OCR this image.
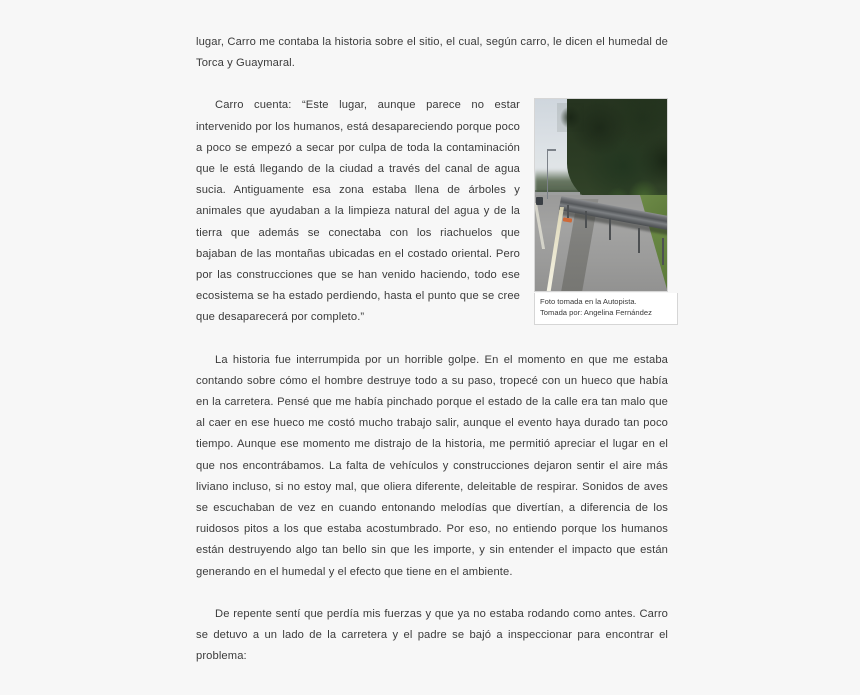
lugar, Carro me contaba la historia sobre el sitio, el cual, según carro, le dicen el humedal de Torca y Guaymaral.

Foto tomada en la Autopista.
Tomada por: Angelina Fernández

Carro cuenta: “Este lugar, aunque parece no estar intervenido por los humanos, está desapareciendo porque poco a poco se empezó a secar por culpa de toda la contaminación que le está llegando de la ciudad a través del canal de agua sucia. Antiguamente esa zona estaba llena de árboles y animales que ayudaban a la limpieza natural del agua y de la tierra que además se conectaba con los riachuelos que bajaban de las montañas ubicadas en el costado oriental. Pero por las construcciones que se han venido haciendo, todo ese ecosistema se ha estado perdiendo, hasta el punto que se cree que desaparecerá por completo.”

La historia fue interrumpida por un horrible golpe. En el momento en que me estaba contando sobre cómo el hombre destruye todo a su paso, tropecé con un hueco que había en la carretera. Pensé que me había pinchado porque el estado de la calle era tan malo que al caer en ese hueco me costó mucho trabajo salir, aunque el evento haya durado tan poco tiempo. Aunque ese momento me distrajo de la historia, me permitió apreciar el lugar en el que nos encontrábamos. La falta de vehículos y construcciones dejaron sentir el aire más liviano incluso, si no estoy mal, que oliera diferente, deleitable de respirar. Sonidos de aves se escuchaban de vez en cuando entonando melodías que divertían, a diferencia de los ruidosos pitos a los que estaba acostumbrado. Por eso, no entiendo porque los humanos están destruyendo algo tan bello sin que les importe, y sin entender el impacto que están generando en el humedal y el efecto que tiene en el ambiente.

De repente sentí que perdía mis fuerzas y que ya no estaba rodando como antes. Carro se detuvo a un lado de la carretera y el padre se bajó a inspeccionar para encontrar el problema:
